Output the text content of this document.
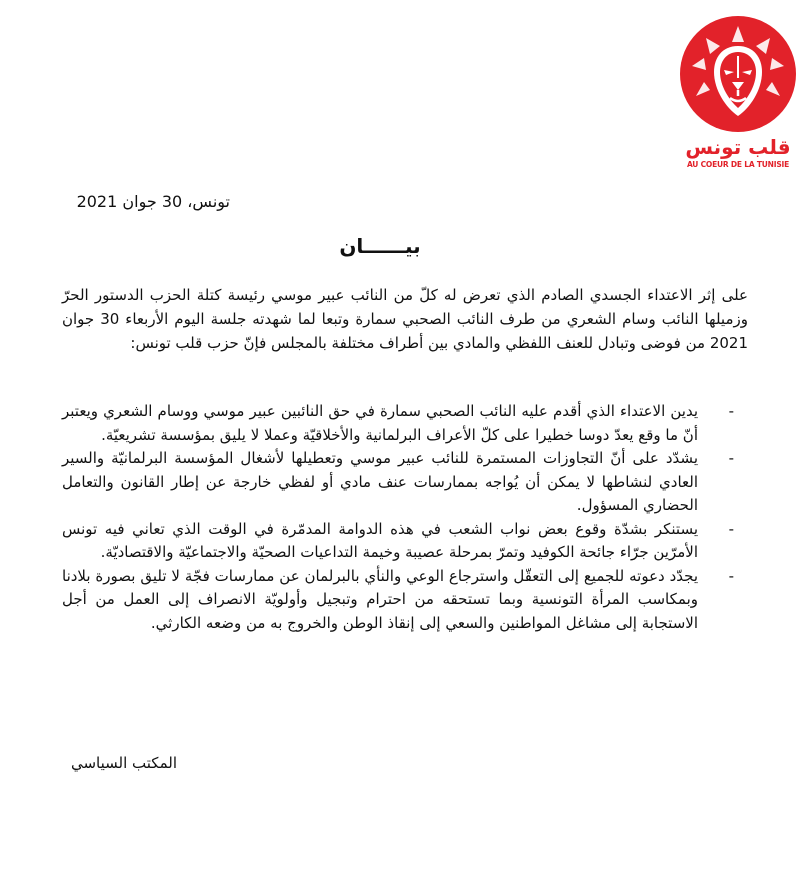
قلب تونس
AU COEUR DE LA TUNISIE
تونس، 30 جوان 2021
بيــــــان
على إثر الاعتداء الجسدي الصادم الذي تعرض له كلّ من النائب عبير موسي رئيسة كتلة الحزب الدستور الحرّ وزميلها النائب وسام الشعري من طرف النائب الصحبي سمارة وتبعا لما شهدته جلسة اليوم الأربعاء 30 جوان 2021 من فوضى وتبادل للعنف اللفظي والمادي بين أطراف مختلفة بالمجلس فإنّ حزب قلب تونس:
-
يدين الاعتداء الذي أقدم عليه النائب الصحبي سمارة في حق النائبين عبير موسي ووسام الشعري ويعتبر أنّ ما وقع يعدّ دوسا خطيرا على كلّ الأعراف البرلمانية والأخلاقيّة وعملا لا يليق بمؤسسة تشريعيّة.
-
يشدّد على أنّ التجاوزات المستمرة للنائب عبير موسي وتعطيلها لأشغال المؤسسة البرلمانيّة والسير العادي لنشاطها لا يمكن أن يُواجه بممارسات عنف مادي أو لفظي خارجة عن إطار القانون والتعامل الحضاري المسؤول.
-
يستنكر بشدّة وقوع بعض نواب الشعب في هذه الدوامة المدمّرة في الوقت الذي تعاني فيه تونس الأمرّين جرّاء جائحة الكوفيد وتمرّ بمرحلة عصيبة وخيمة التداعيات الصحيّة والاجتماعيّة والاقتصاديّة.
-
يجدّد دعوته للجميع إلى التعقّل واسترجاع الوعي والنأي بالبرلمان عن ممارسات فجّة لا تليق بصورة بلادنا وبمكاسب المرأة التونسية وبما تستحقه من احترام وتبجيل وأولويّة الانصراف إلى العمل من أجل الاستجابة إلى مشاغل المواطنين والسعي إلى إنقاذ الوطن والخروج به من وضعه الكارثي.
المكتب السياسي
